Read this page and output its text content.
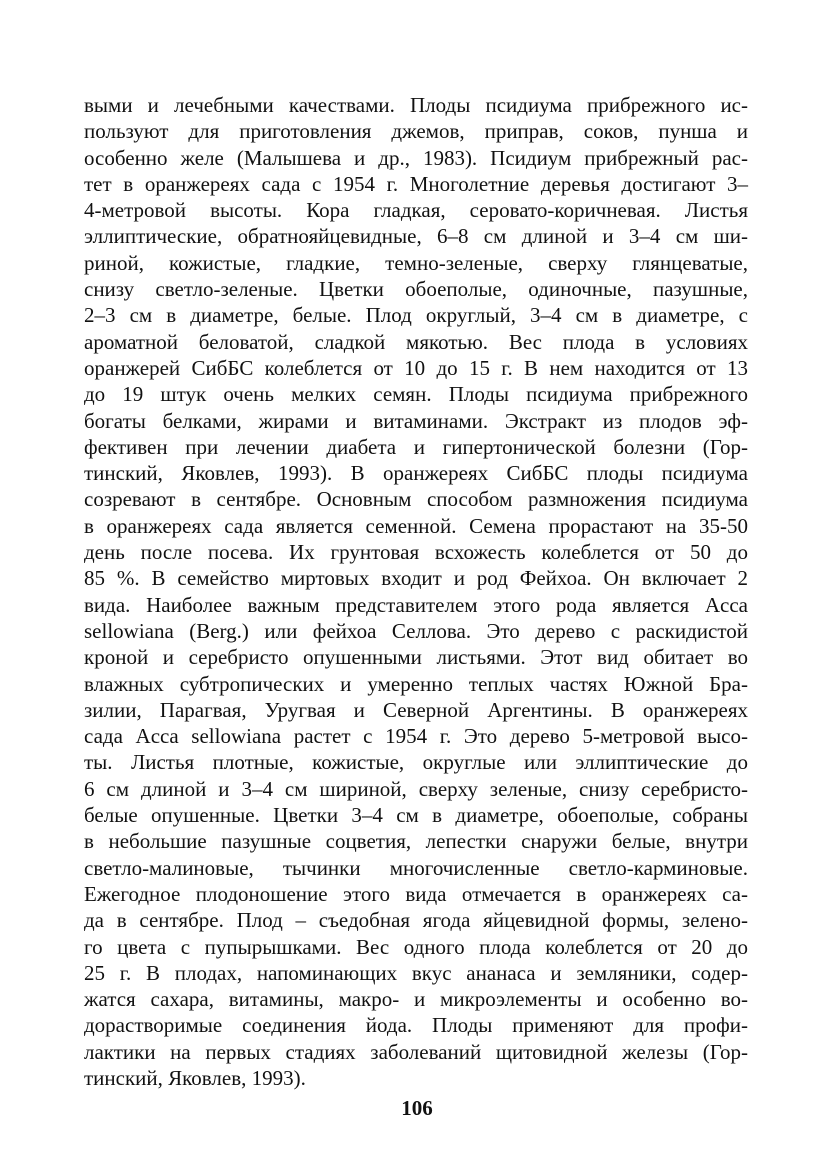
выми и лечебными качествами. Плоды псидиума прибрежного ис-
пользуют для приготовления джемов, приправ, соков, пунша и
особенно желе (Малышева и др., 1983). Псидиум прибрежный рас-
тет в оранжереях сада с 1954 г. Многолетние деревья достигают 3–
4-метровой высоты. Кора гладкая, серовато-коричневая. Листья
эллиптические, обратнояйцевидные, 6–8 см длиной и 3–4 см ши-
риной, кожистые, гладкие, темно-зеленые, сверху глянцеватые,
снизу светло-зеленые. Цветки обоеполые, одиночные, пазушные,
2–3 см в диаметре, белые. Плод округлый, 3–4 см в диаметре, с
ароматной беловатой, сладкой мякотью. Вес плода в условиях
оранжерей СибБС колеблется от 10 до 15 г. В нем находится от 13
до 19 штук очень мелких семян. Плоды псидиума прибрежного
богаты белками, жирами и витаминами. Экстракт из плодов эф-
фективен при лечении диабета и гипертонической болезни (Гор-
тинский, Яковлев, 1993). В оранжереях СибБС плоды псидиума
созревают в сентябре. Основным способом размножения псидиума
в оранжереях сада является семенной. Семена прорастают на 35-50
день после посева. Их грунтовая всхожесть колеблется от 50 до
85 %. В семейство миртовых входит и род Фейхоа. Он включает 2
вида. Наиболее важным представителем этого рода является Acca
sellowiana (Berg.) или фейхоа Селлова. Это дерево с раскидистой
кроной и серебристо опушенными листьями. Этот вид обитает во
влажных субтропических и умеренно теплых частях Южной Бра-
зилии, Парагвая, Уругвая и Северной Аргентины. В оранжереях
сада Acca sellowiana растет с 1954 г. Это дерево 5-метровой высо-
ты. Листья плотные, кожистые, округлые или эллиптические до
6 см длиной и 3–4 см шириной, сверху зеленые, снизу серебристо-
белые опушенные. Цветки 3–4 см в диаметре, обоеполые, собраны
в небольшие пазушные соцветия, лепестки снаружи белые, внутри
светло-малиновые, тычинки многочисленные светло-карминовые.
Ежегодное плодоношение этого вида отмечается в оранжереях са-
да в сентябре. Плод – съедобная ягода яйцевидной формы, зелено-
го цвета с пупырышками. Вес одного плода колеблется от 20 до
25 г. В плодах, напоминающих вкус ананаса и земляники, содер-
жатся сахара, витамины, макро- и микроэлементы и особенно во-
дорастворимые соединения йода. Плоды применяют для профи-
лактики на первых стадиях заболеваний щитовидной железы (Гор-
тинский, Яковлев, 1993).
106
